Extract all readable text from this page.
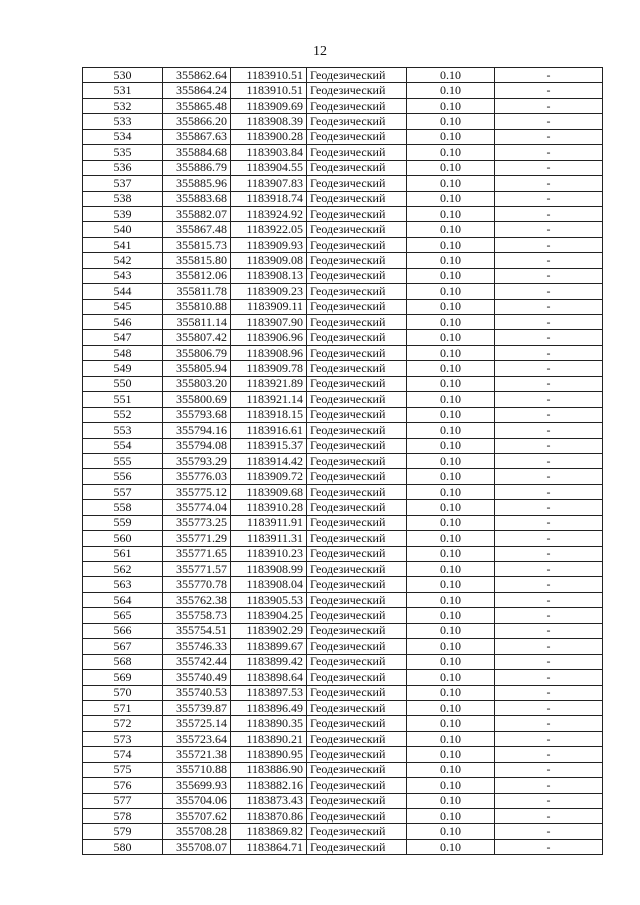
12
530	355862.64	1183910.51	Геодезический	0.10	-
531	355864.24	1183910.51	Геодезический	0.10	-
532	355865.48	1183909.69	Геодезический	0.10	-
533	355866.20	1183908.39	Геодезический	0.10	-
534	355867.63	1183900.28	Геодезический	0.10	-
535	355884.68	1183903.84	Геодезический	0.10	-
536	355886.79	1183904.55	Геодезический	0.10	-
537	355885.96	1183907.83	Геодезический	0.10	-
538	355883.68	1183918.74	Геодезический	0.10	-
539	355882.07	1183924.92	Геодезический	0.10	-
540	355867.48	1183922.05	Геодезический	0.10	-
541	355815.73	1183909.93	Геодезический	0.10	-
542	355815.80	1183909.08	Геодезический	0.10	-
543	355812.06	1183908.13	Геодезический	0.10	-
544	355811.78	1183909.23	Геодезический	0.10	-
545	355810.88	1183909.11	Геодезический	0.10	-
546	355811.14	1183907.90	Геодезический	0.10	-
547	355807.42	1183906.96	Геодезический	0.10	-
548	355806.79	1183908.96	Геодезический	0.10	-
549	355805.94	1183909.78	Геодезический	0.10	-
550	355803.20	1183921.89	Геодезический	0.10	-
551	355800.69	1183921.14	Геодезический	0.10	-
552	355793.68	1183918.15	Геодезический	0.10	-
553	355794.16	1183916.61	Геодезический	0.10	-
554	355794.08	1183915.37	Геодезический	0.10	-
555	355793.29	1183914.42	Геодезический	0.10	-
556	355776.03	1183909.72	Геодезический	0.10	-
557	355775.12	1183909.68	Геодезический	0.10	-
558	355774.04	1183910.28	Геодезический	0.10	-
559	355773.25	1183911.91	Геодезический	0.10	-
560	355771.29	1183911.31	Геодезический	0.10	-
561	355771.65	1183910.23	Геодезический	0.10	-
562	355771.57	1183908.99	Геодезический	0.10	-
563	355770.78	1183908.04	Геодезический	0.10	-
564	355762.38	1183905.53	Геодезический	0.10	-
565	355758.73	1183904.25	Геодезический	0.10	-
566	355754.51	1183902.29	Геодезический	0.10	-
567	355746.33	1183899.67	Геодезический	0.10	-
568	355742.44	1183899.42	Геодезический	0.10	-
569	355740.49	1183898.64	Геодезический	0.10	-
570	355740.53	1183897.53	Геодезический	0.10	-
571	355739.87	1183896.49	Геодезический	0.10	-
572	355725.14	1183890.35	Геодезический	0.10	-
573	355723.64	1183890.21	Геодезический	0.10	-
574	355721.38	1183890.95	Геодезический	0.10	-
575	355710.88	1183886.90	Геодезический	0.10	-
576	355699.93	1183882.16	Геодезический	0.10	-
577	355704.06	1183873.43	Геодезический	0.10	-
578	355707.62	1183870.86	Геодезический	0.10	-
579	355708.28	1183869.82	Геодезический	0.10	-
580	355708.07	1183864.71	Геодезический	0.10	-
